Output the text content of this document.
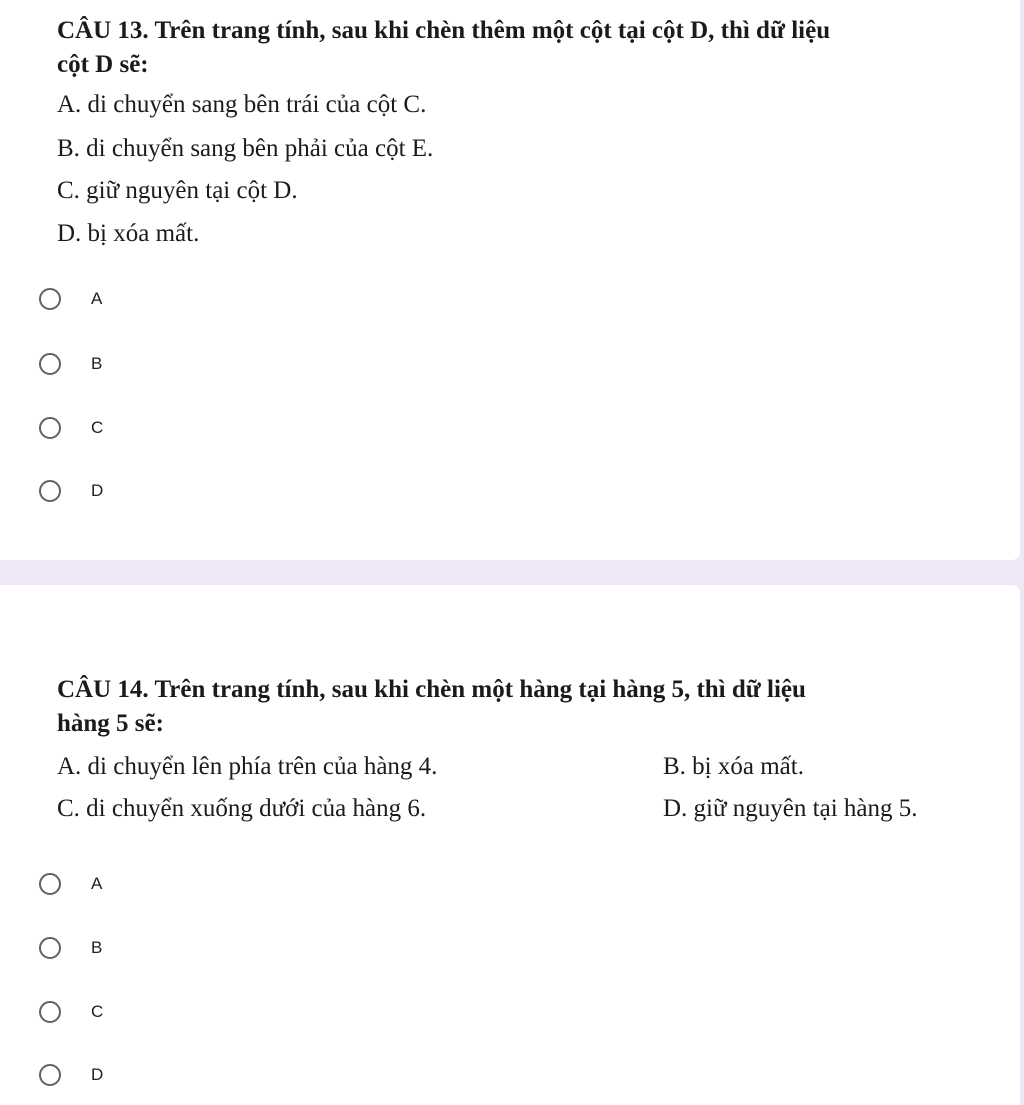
CÂU 13. Trên trang tính, sau khi chèn thêm một cột tại cột D, thì dữ liệu
cột D sẽ:
A. di chuyển sang bên trái của cột C.
B. di chuyển sang bên phải của cột E.
C. giữ nguyên tại cột D.
D. bị xóa mất.
A
B
C
D
CÂU 14. Trên trang tính, sau khi chèn một hàng tại hàng 5, thì dữ liệu
hàng 5 sẽ:
A. di chuyển lên phía trên của hàng 4.	B. bị xóa mất.
C. di chuyển xuống dưới của hàng 6.	D. giữ nguyên tại hàng 5.
A
B
C
D
